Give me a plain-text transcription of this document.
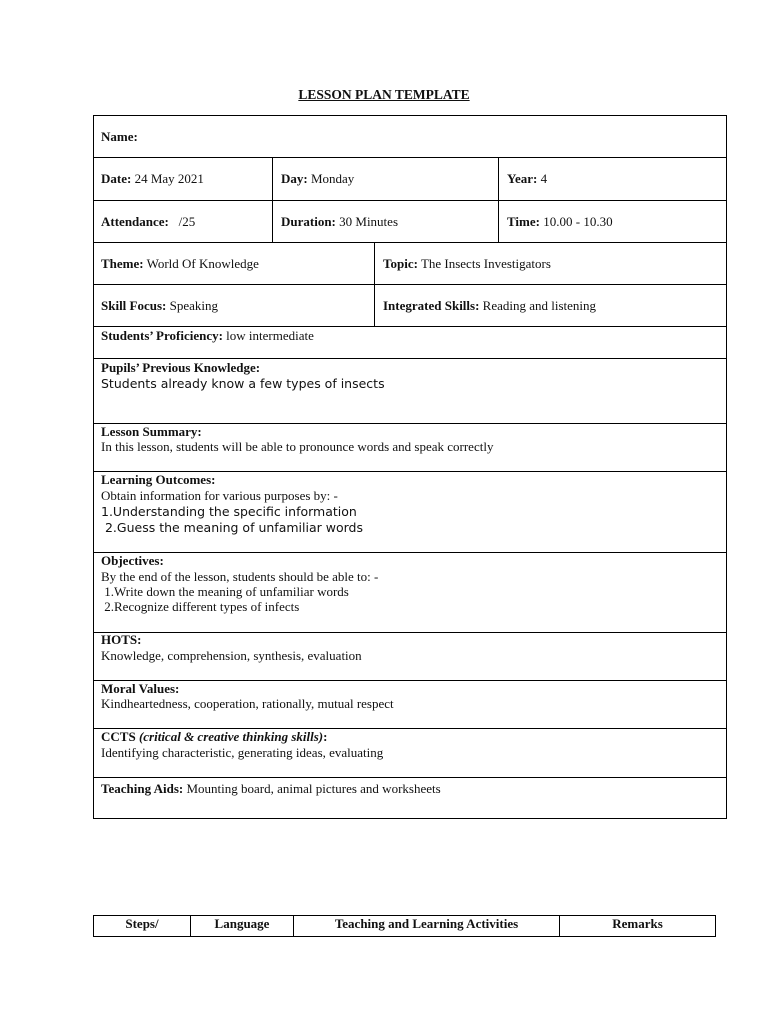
LESSON PLAN TEMPLATE
Name:
Date: 24 May 2021	Day: Monday	Year: 4
Attendance: /25	Duration: 30 Minutes	Time: 10.00 - 10.30
Theme: World Of Knowledge	Topic: The Insects Investigators
Skill Focus: Speaking	Integrated Skills: Reading and listening
Students’ Proficiency: low intermediate
Pupils’ Previous Knowledge:
Students already know a few types of insects
Lesson Summary:
In this lesson, students will be able to pronounce words and speak correctly
Learning Outcomes:
Obtain information for various purposes by: -
1.Understanding the specific information
2.Guess the meaning of unfamiliar words
Objectives:
By the end of the lesson, students should be able to: -
1.Write down the meaning of unfamiliar words
2.Recognize different types of infects
HOTS:
Knowledge, comprehension, synthesis, evaluation
Moral Values:
Kindheartedness, cooperation, rationally, mutual respect
CCTS (critical & creative thinking skills):
Identifying characteristic, generating ideas, evaluating
Teaching Aids: Mounting board, animal pictures and worksheets
Steps/	Language	Teaching and Learning Activities	Remarks
